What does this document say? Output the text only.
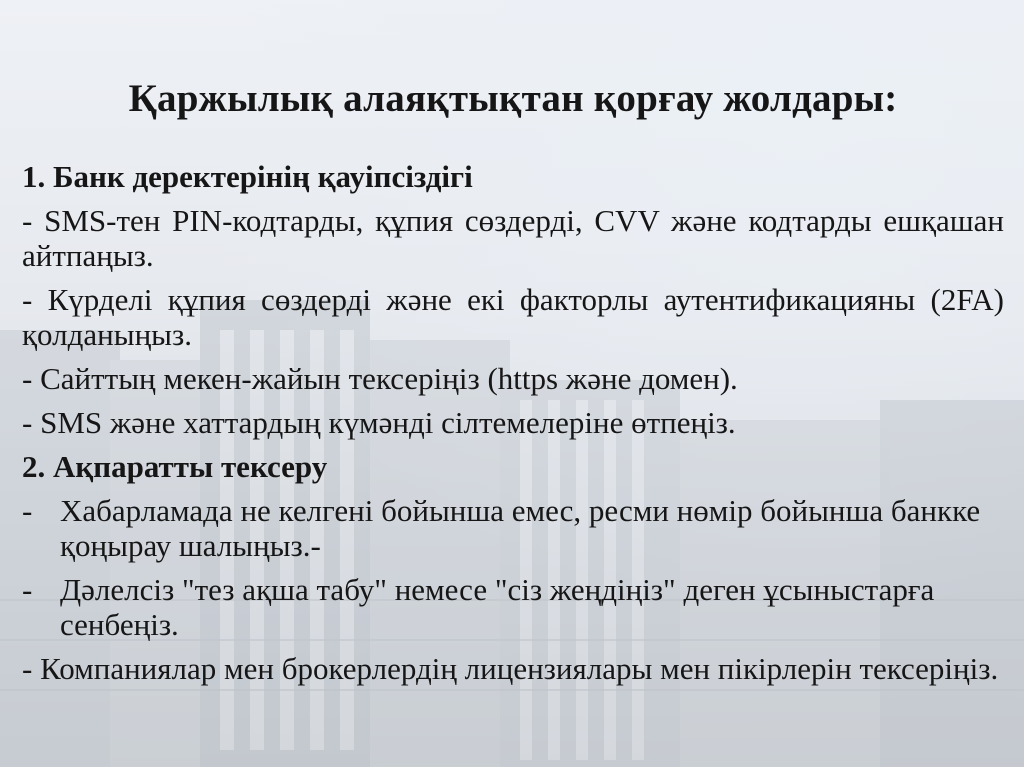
Қаржылық алаяқтықтан қорғау жолдары:
1. Банк деректерінің қауіпсіздігі
- SMS-тен PIN-кодтарды, құпия сөздерді, CVV және кодтарды ешқашан айтпаңыз.
- Күрделі құпия сөздерді және екі факторлы аутентификацияны (2FA) қолданыңыз.
- Сайттың мекен-жайын тексеріңіз (https және домен).
- SMS және хаттардың күмәнді сілтемелеріне өтпеңіз.
2. Ақпаратты тексеру
- Хабарламада не келгені бойынша емес, ресми нөмір бойынша банкке қоңырау шалыңыз.-
- Дәлелсіз "тез ақша табу" немесе "сіз жеңдіңіз" деген ұсыныстарға сенбеңіз.
- Компаниялар мен брокерлердің лицензиялары мен пікірлерін тексеріңіз.
